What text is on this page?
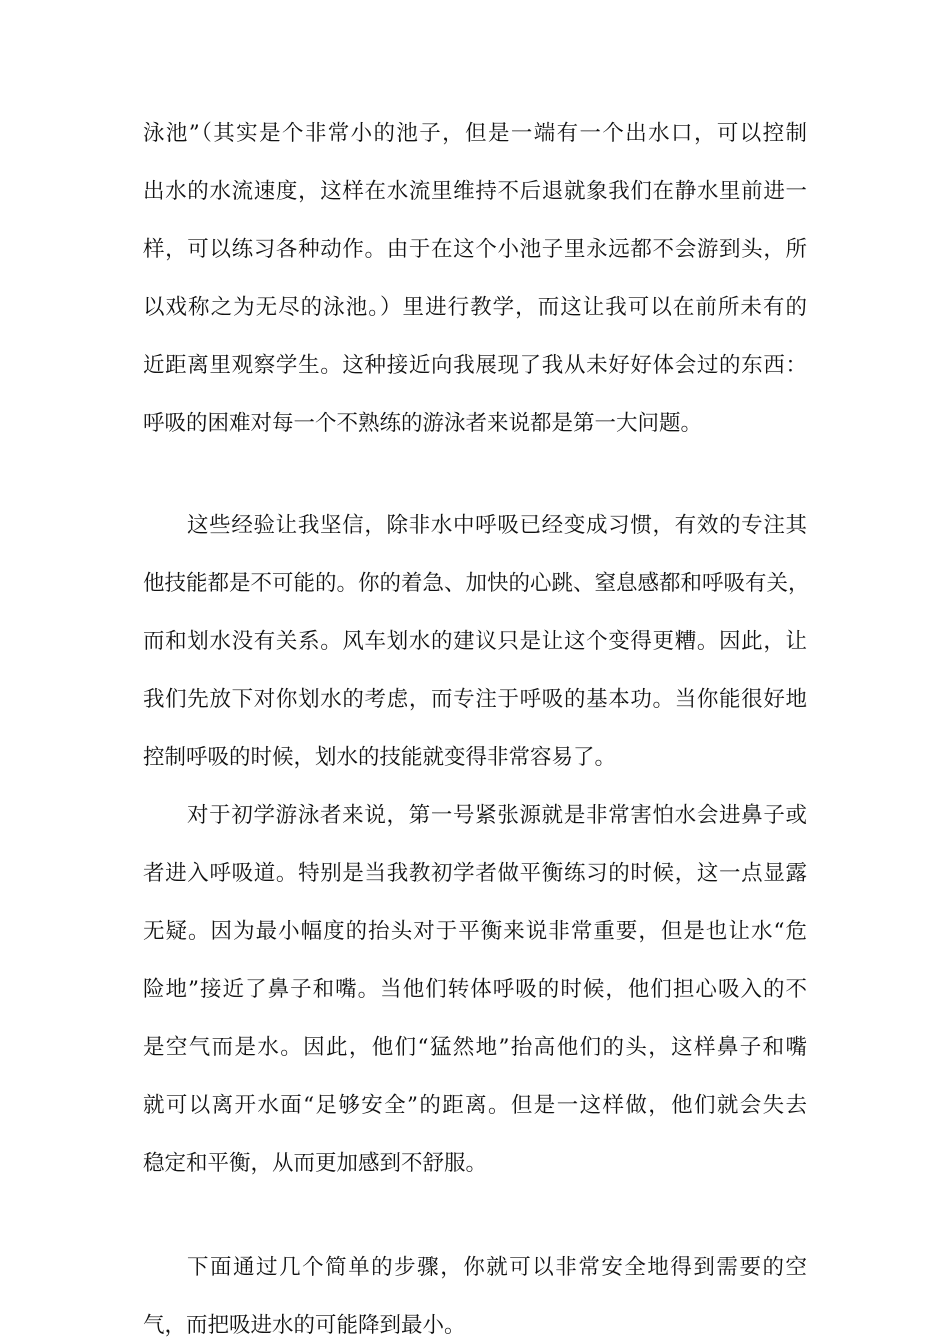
泳池”（其实是个非常小的池子，但是一端有一个出水口，可以控制
出水的水流速度，这样在水流里维持不后退就象我们在静水里前进一
样，可以练习各种动作。由于在这个小池子里永远都不会游到头，所
以戏称之为无尽的泳池。）里进行教学，而这让我可以在前所未有的
近距离里观察学生。这种接近向我展现了我从未好好体会过的东西：
呼吸的困难对每一个不熟练的游泳者来说都是第一大问题。
这些经验让我坚信，除非水中呼吸已经变成习惯，有效的专注其
他技能都是不可能的。你的着急、加快的心跳、窒息感都和呼吸有关，
而和划水没有关系。风车划水的建议只是让这个变得更糟。因此，让
我们先放下对你划水的考虑，而专注于呼吸的基本功。当你能很好地
控制呼吸的时候，划水的技能就变得非常容易了。
对于初学游泳者来说，第一号紧张源就是非常害怕水会进鼻子或
者进入呼吸道。特别是当我教初学者做平衡练习的时候，这一点显露
无疑。因为最小幅度的抬头对于平衡来说非常重要，但是也让水“危
险地”接近了鼻子和嘴。当他们转体呼吸的时候，他们担心吸入的不
是空气而是水。因此，他们“猛然地”抬高他们的头，这样鼻子和嘴
就可以离开水面“足够安全”的距离。但是一这样做，他们就会失去
稳定和平衡，从而更加感到不舒服。
下面通过几个简单的步骤，你就可以非常安全地得到需要的空
气，而把吸进水的可能降到最小。
